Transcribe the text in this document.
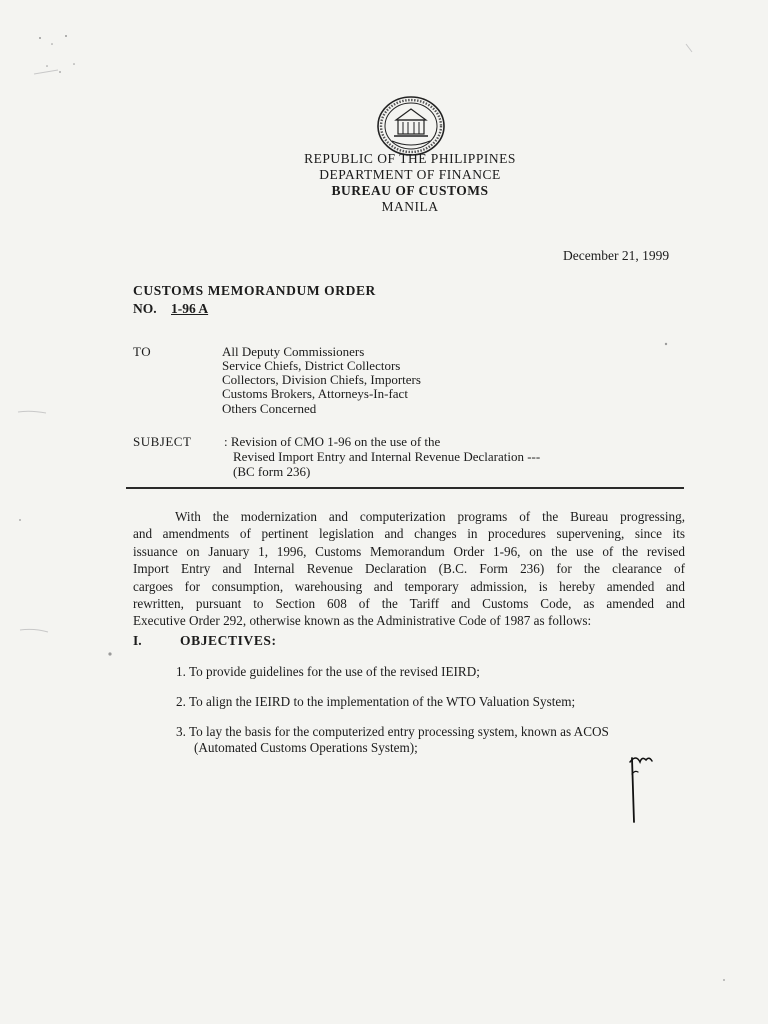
REPUBLIC OF THE PHILIPPINES
DEPARTMENT OF FINANCE
BUREAU OF CUSTOMS
MANILA
December 21, 1999
CUSTOMS MEMORANDUM ORDER
NO. 1-96 A
TO	All Deputy Commissioners
Service Chiefs, District Collectors
Collectors, Division Chiefs, Importers
Customs Brokers, Attorneys-In-fact
Others Concerned
SUBJECT	: Revision of CMO 1-96 on the use of the
Revised Import Entry and Internal Revenue Declaration ---
(BC form 236)
With the modernization and computerization programs of the Bureau progressing,
and amendments of pertinent legislation and changes in procedures supervening, since its
issuance on January 1, 1996, Customs Memorandum Order 1-96, on the use of the revised
Import Entry and Internal Revenue Declaration (B.C. Form 236) for the clearance of
cargoes for consumption, warehousing and temporary admission, is hereby amended and
rewritten, pursuant to Section 608 of the Tariff and Customs Code, as amended and
Executive Order 292, otherwise known as the Administrative Code of 1987 as follows:
I.	OBJECTIVES:
1. To provide guidelines for the use of the revised IEIRD;
2. To align the IEIRD to the implementation of the WTO Valuation System;
3. To lay the basis for the computerized entry processing system, known as ACOS
(Automated Customs Operations System);
